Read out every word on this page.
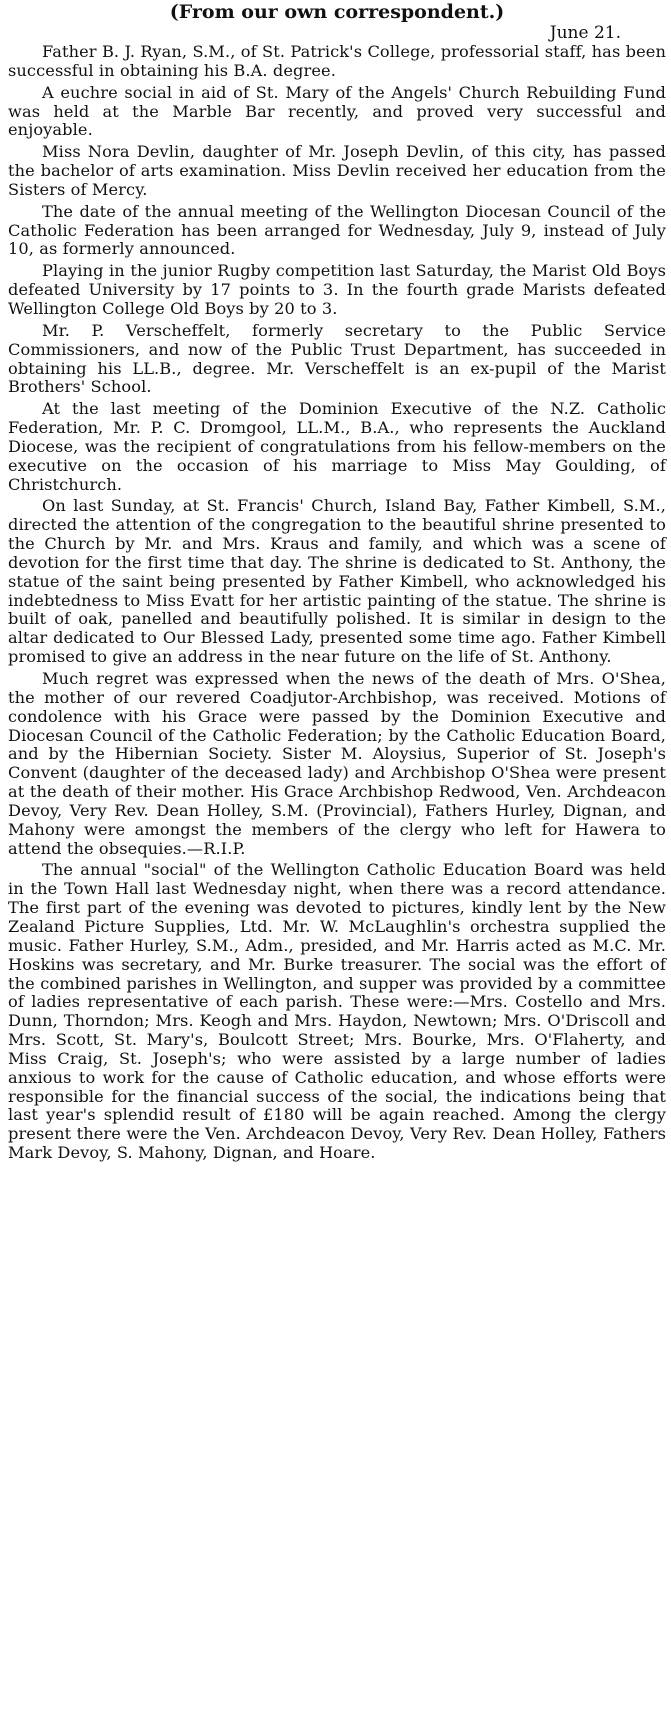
(From our own correspondent.)
June 21.

Father B. J. Ryan, S.M., of St. Patrick's College, professorial staff, has been successful in obtaining his B.A. degree.

A euchre social in aid of St. Mary of the Angels' Church Rebuilding Fund was held at the Marble Bar recently, and proved very successful and enjoyable.

Miss Nora Devlin, daughter of Mr. Joseph Devlin, of this city, has passed the bachelor of arts examination. Miss Devlin received her education from the Sisters of Mercy.

The date of the annual meeting of the Wellington Diocesan Council of the Catholic Federation has been arranged for Wednesday, July 9, instead of July 10, as formerly announced.

Playing in the junior Rugby competition last Saturday, the Marist Old Boys defeated University by 17 points to 3. In the fourth grade Marists defeated Wellington College Old Boys by 20 to 3.

Mr. P. Verscheffelt, formerly secretary to the Public Service Commissioners, and now of the Public Trust Department, has succeeded in obtaining his LL.B., degree. Mr. Verscheffelt is an ex-pupil of the Marist Brothers' School.

At the last meeting of the Dominion Executive of the N.Z. Catholic Federation, Mr. P. C. Dromgool, LL.M., B.A., who represents the Auckland Diocese, was the recipient of congratulations from his fellow-members on the executive on the occasion of his marriage to Miss May Goulding, of Christchurch.

On last Sunday, at St. Francis' Church, Island Bay, Father Kimbell, S.M., directed the attention of the congregation to the beautiful shrine presented to the Church by Mr. and Mrs. Kraus and family, and which was a scene of devotion for the first time that day. The shrine is dedicated to St. Anthony, the statue of the saint being presented by Father Kimbell, who acknowledged his indebtedness to Miss Evatt for her artistic painting of the statue. The shrine is built of oak, panelled and beautifully polished. It is similar in design to the altar dedicated to Our Blessed Lady, presented some time ago. Father Kimbell promised to give an address in the near future on the life of St. Anthony.

Much regret was expressed when the news of the death of Mrs. O'Shea, the mother of our revered Coadjutor-Archbishop, was received. Motions of condolence with his Grace were passed by the Dominion Executive and Diocesan Council of the Catholic Federation; by the Catholic Education Board, and by the Hibernian Society. Sister M. Aloysius, Superior of St. Joseph's Convent (daughter of the deceased lady) and Archbishop O'Shea were present at the death of their mother. His Grace Archbishop Redwood, Ven. Archdeacon Devoy, Very Rev. Dean Holley, S.M. (Provincial), Fathers Hurley, Dignan, and Mahony were amongst the members of the clergy who left for Hawera to attend the obsequies.—R.I.P.

The annual "social" of the Wellington Catholic Education Board was held in the Town Hall last Wednesday night, when there was a record attendance. The first part of the evening was devoted to pictures, kindly lent by the New Zealand Picture Supplies, Ltd. Mr. W. McLaughlin's orchestra supplied the music. Father Hurley, S.M., Adm., presided, and Mr. Harris acted as M.C. Mr. Hoskins was secretary, and Mr. Burke treasurer. The social was the effort of the combined parishes in Wellington, and supper was provided by a committee of ladies representative of each parish. These were:—Mrs. Costello and Mrs. Dunn, Thorndon; Mrs. Keogh and Mrs. Haydon, Newtown; Mrs. O'Driscoll and Mrs. Scott, St. Mary's, Boulcott Street; Mrs. Bourke, Mrs. O'Flaherty, and Miss Craig, St. Joseph's; who were assisted by a large number of ladies anxious to work for the cause of Catholic education, and whose efforts were responsible for the financial success of the social, the indications being that last year's splendid result of £180 will be again reached. Among the clergy present there were the Ven. Archdeacon Devoy, Very Rev. Dean Holley, Fathers Mark Devoy, S. Mahony, Dignan, and Hoare.
